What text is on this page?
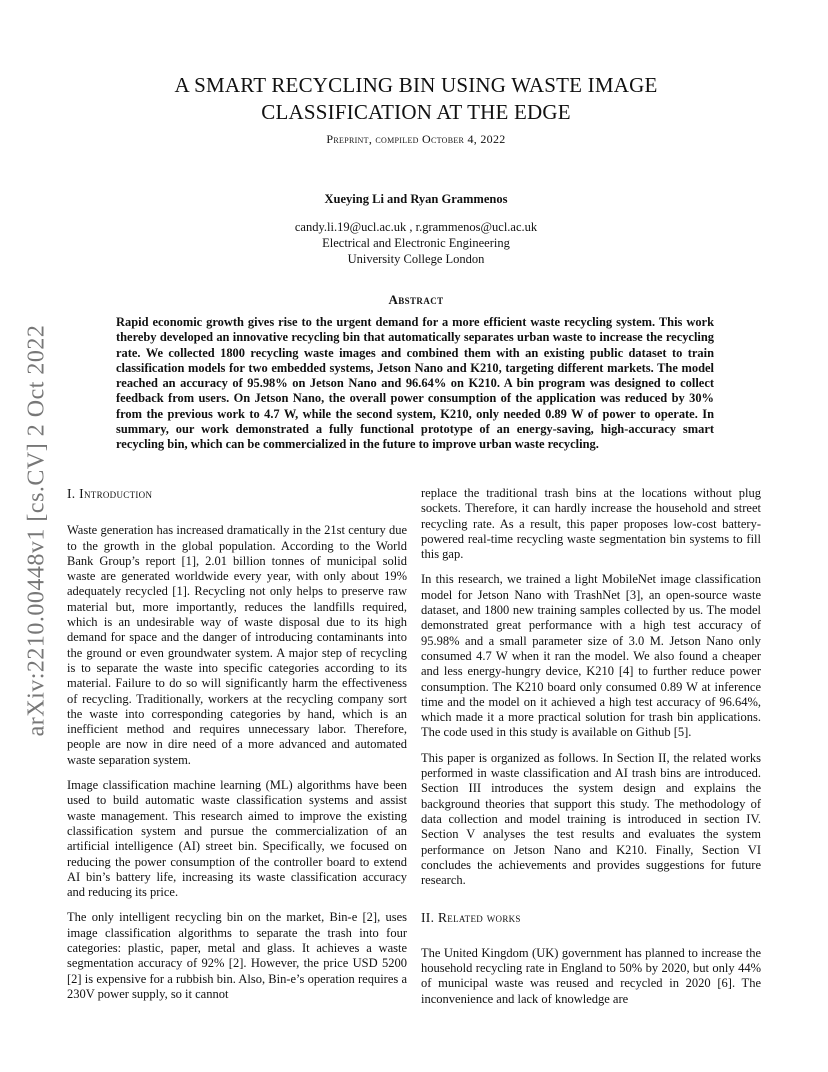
arXiv:2210.00448v1 [cs.CV] 2 Oct 2022
A SMART RECYCLING BIN USING WASTE IMAGE
CLASSIFICATION AT THE EDGE
Preprint, compiled October 4, 2022
Xueying Li and Ryan Grammenos
candy.li.19@ucl.ac.uk , r.grammenos@ucl.ac.uk
Electrical and Electronic Engineering
University College London
Abstract

Rapid economic growth gives rise to the urgent demand for a more efficient waste recycling system. This work thereby developed an innovative recycling bin that automatically separates urban waste to increase the recycling rate. We collected 1800 recycling waste images and combined them with an existing public dataset to train classification models for two embedded systems, Jetson Nano and K210, targeting different markets. The model reached an accuracy of 95.98% on Jetson Nano and 96.64% on K210. A bin program was designed to collect feedback from users. On Jetson Nano, the overall power consumption of the application was reduced by 30% from the previous work to 4.7 W, while the second system, K210, only needed 0.89 W of power to operate. In summary, our work demonstrated a fully functional prototype of an energy-saving, high-accuracy smart recycling bin, which can be commercialized in the future to improve urban waste recycling.

I. Introduction

Waste generation has increased dramatically in the 21st century due to the growth in the global population. According to the World Bank Group’s report [1], 2.01 billion tonnes of municipal solid waste are generated worldwide every year, with only about 19% adequately recycled [1]. Recycling not only helps to preserve raw material but, more importantly, reduces the landfills required, which is an undesirable way of waste disposal due to its high demand for space and the danger of introducing contaminants into the ground or even groundwater system. A major step of recycling is to separate the waste into specific categories according to its material. Failure to do so will significantly harm the effectiveness of recycling. Traditionally, workers at the recycling company sort the waste into corresponding categories by hand, which is an inefficient method and requires unnecessary labor. Therefore, people are now in dire need of a more advanced and automated waste separation system.

Image classification machine learning (ML) algorithms have been used to build automatic waste classification systems and assist waste management. This research aimed to improve the existing classification system and pursue the commercialization of an artificial intelligence (AI) street bin. Specifically, we focused on reducing the power consumption of the controller board to extend AI bin’s battery life, increasing its waste classification accuracy and reducing its price.

The only intelligent recycling bin on the market, Bin-e [2], uses image classification algorithms to separate the trash into four categories: plastic, paper, metal and glass. It achieves a waste segmentation accuracy of 92% [2]. However, the price USD 5200 [2] is expensive for a rubbish bin. Also, Bin-e’s operation requires a 230V power supply, so it cannot

replace the traditional trash bins at the locations without plug sockets. Therefore, it can hardly increase the household and street recycling rate. As a result, this paper proposes low-cost battery-powered real-time recycling waste segmentation bin systems to fill this gap.

In this research, we trained a light MobileNet image classification model for Jetson Nano with TrashNet [3], an open-source waste dataset, and 1800 new training samples collected by us. The model demonstrated great performance with a high test accuracy of 95.98% and a small parameter size of 3.0 M. Jetson Nano only consumed 4.7 W when it ran the model. We also found a cheaper and less energy-hungry device, K210 [4] to further reduce power consumption. The K210 board only consumed 0.89 W at inference time and the model on it achieved a high test accuracy of 96.64%, which made it a more practical solution for trash bin applications. The code used in this study is available on Github [5].

This paper is organized as follows. In Section II, the related works performed in waste classification and AI trash bins are introduced. Section III introduces the system design and explains the background theories that support this study. The methodology of data collection and model training is introduced in section IV. Section V analyses the test results and evaluates the system performance on Jetson Nano and K210. Finally, Section VI concludes the achievements and provides suggestions for future research.

II. Related works

The United Kingdom (UK) government has planned to increase the household recycling rate in England to 50% by 2020, but only 44% of municipal waste was reused and recycled in 2020 [6]. The inconvenience and lack of knowledge are
